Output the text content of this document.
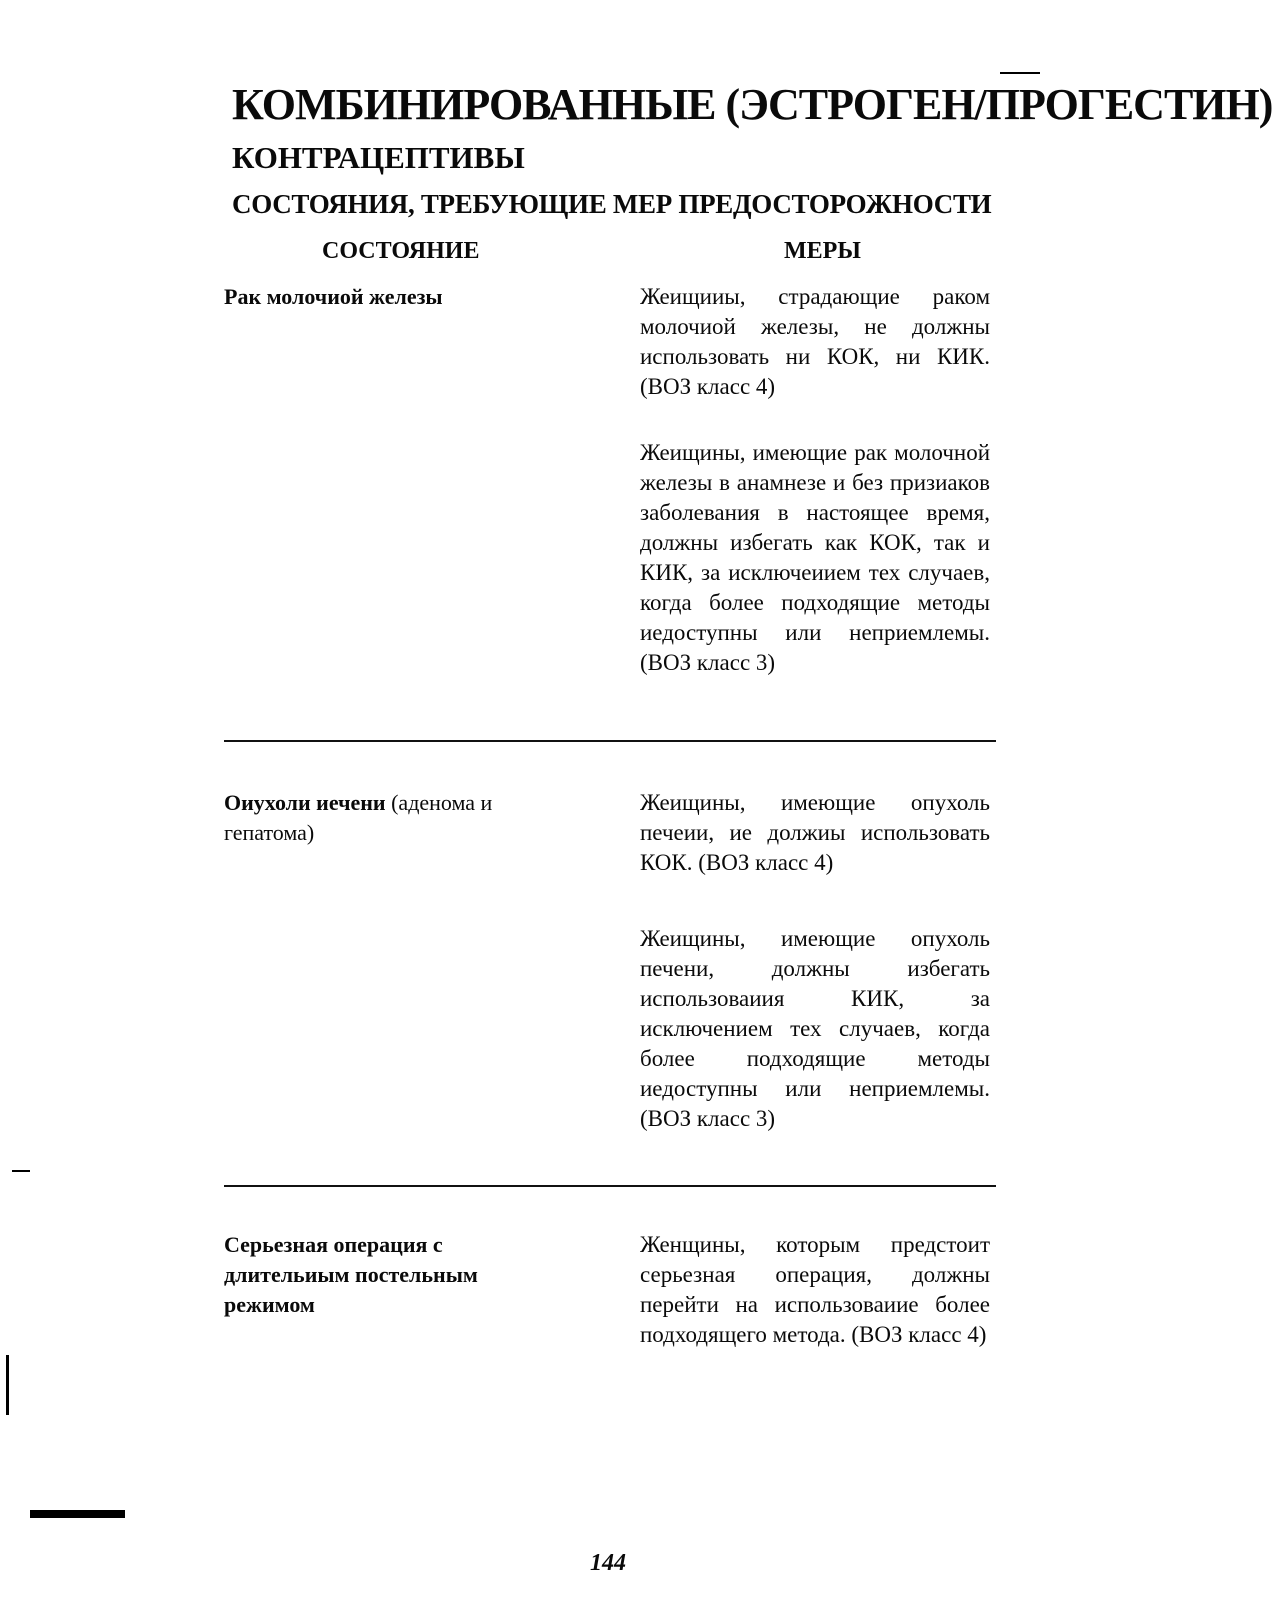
КОМБИНИРОВАННЫЕ (ЭСТРОГЕН/ПРОГЕСТИН)
КОНТРАЦЕПТИВЫ
СОСТОЯНИЯ, ТРЕБУЮЩИЕ МЕР ПРЕДОСТОРОЖНОСТИ
СОСТОЯНИЕ	МЕРЫ
Рак молочиой железы	Жеищииы, страдающие раком молочиой железы, не должны использовать ни КОК, ни КИК. (ВОЗ класс 4)
Жеищины, имеющие рак молочной железы в анамнезе и без призиаков заболевания в настоящее время, должны избегать как КОК, так и КИК, за исключеиием тех случаев, когда более подходящие методы иедоступны или неприемлемы. (ВОЗ класс 3)
Оиухоли иечени (аденома и гепатома)
Жеищины, имеющие опухоль печеии, ие должиы использовать КОК. (ВОЗ класс 4)
Жеищины, имеющие опухоль печени, должны избегать использоваиия КИК, за исключением тех случаев, когда более подходящие методы иедоступны или неприемлемы. (ВОЗ класс 3)
Серьезная операция с длительиым постельным режимом
Женщины, которым предстоит серьезная операция, должны перейти на использоваиие более подходящего метода. (ВОЗ класс 4)
144
